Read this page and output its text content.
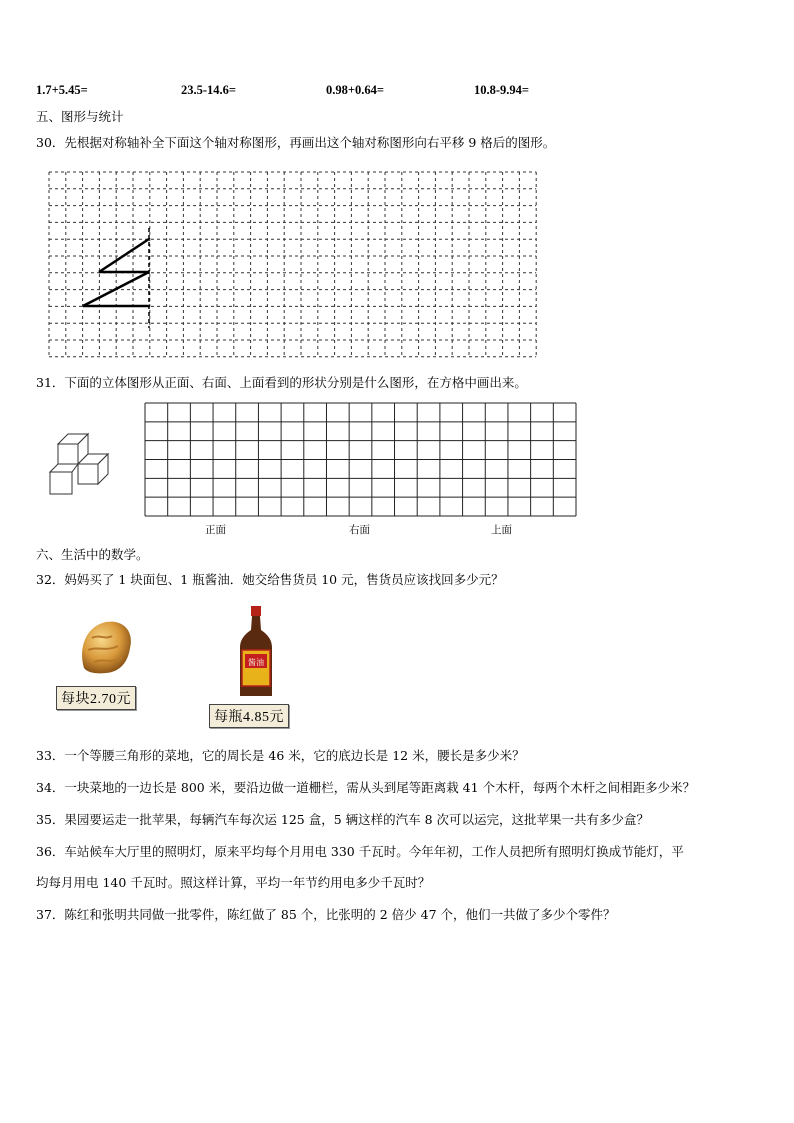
1.7+5.45=	23.5-14.6=	0.98+0.64=	10.8-9.94=
五、图形与统计
30．先根据对称轴补全下面这个轴对称图形，再画出这个轴对称图形向右平移 9 格后的图形。
31．下面的立体图形从正面、右面、上面看到的形状分别是什么图形，在方格中画出来。
正面	右面	上面
六、生活中的数学。
32．妈妈买了 1 块面包、1 瓶酱油．她交给售货员 10 元，售货员应该找回多少元？
每块2.70元
酱油
每瓶4.85元
33．一个等腰三角形的菜地，它的周长是 46 米，它的底边长是 12 米，腰长是多少米？
34．一块菜地的一边长是 800 米，要沿边做一道栅栏，需从头到尾等距离栽 41 个木杆，每两个木杆之间相距多少米？
35．果园要运走一批苹果，每辆汽车每次运 125 盒，5 辆这样的汽车 8 次可以运完，这批苹果一共有多少盒？
36．车站候车大厅里的照明灯，原来平均每个月用电 330 千瓦时。今年年初，工作人员把所有照明灯换成节能灯，平
均每月用电 140 千瓦时。照这样计算，平均一年节约用电多少千瓦时？
37．陈红和张明共同做一批零件，陈红做了 85 个，比张明的 2 倍少 47 个，他们一共做了多少个零件？
